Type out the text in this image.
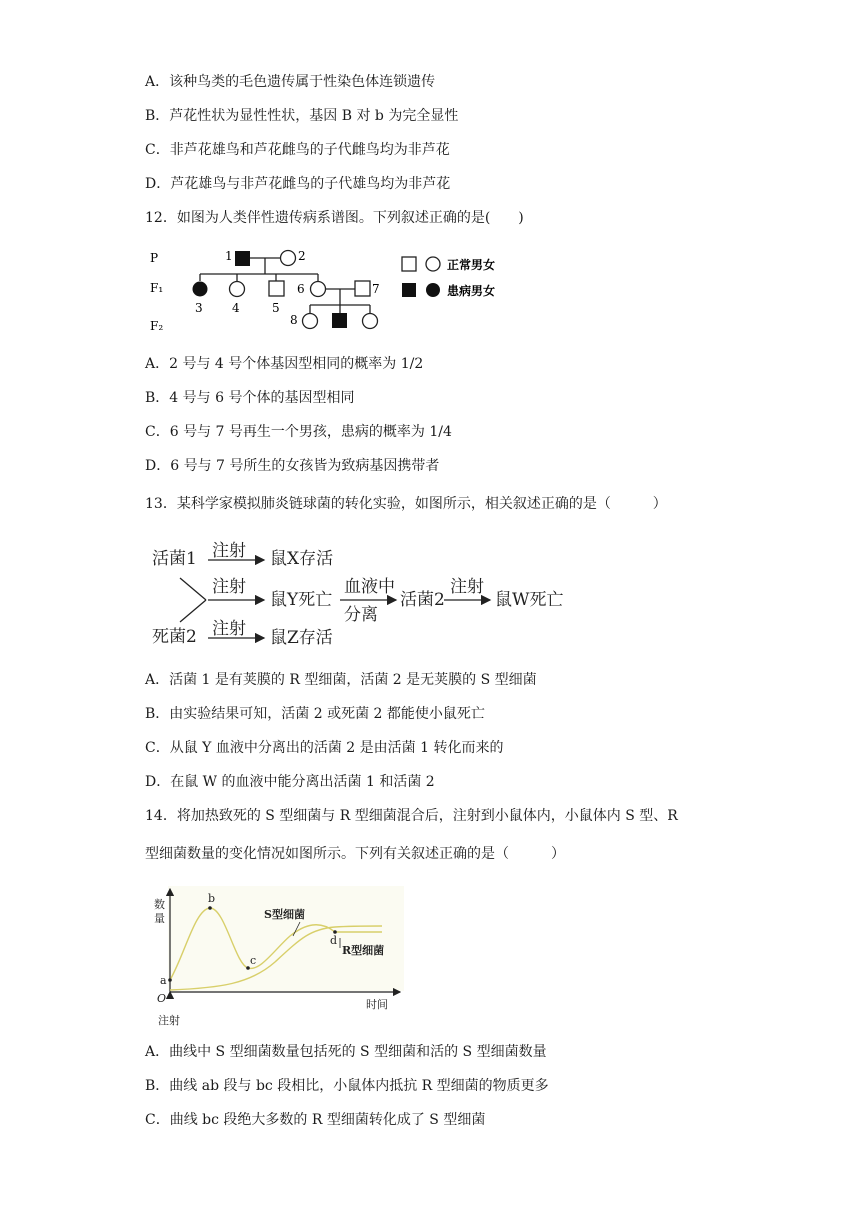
A．该种鸟类的毛色遗传属于性染色体连锁遗传
B．芦花性状为显性性状，基因 B 对 b 为完全显性
C．非芦花雄鸟和芦花雌鸟的子代雌鸟均为非芦花
D．芦花雄鸟与非芦花雌鸟的子代雄鸟均为非芦花
12．如图为人类伴性遗传病系谱图。下列叙述正确的是(　　)
P
F₁
F₂
1	2
3 4	5
6	7
8
正常男女
患病男女
A．2 号与 4 号个体基因型相同的概率为 1/2
B．4 号与 6 号个体的基因型相同
C．6 号与 7 号再生一个男孩，患病的概率为 1/4
D．6 号与 7 号所生的女孩皆为致病基因携带者
13．某科学家模拟肺炎链球菌的转化实验，如图所示，相关叙述正确的是（　　　）
活菌1
死菌2
注射
注射
注射
鼠X存活
鼠Y死亡
鼠Z存活
血液中
分离
活菌2
注射
鼠W死亡
A．活菌 1 是有荚膜的 R 型细菌，活菌 2 是无荚膜的 S 型细菌
B．由实验结果可知，活菌 2 或死菌 2 都能使小鼠死亡
C．从鼠 Y 血液中分离出的活菌 2 是由活菌 1 转化而来的
D．在鼠 W 的血液中能分离出活菌 1 和活菌 2
14．将加热致死的 S 型细菌与 R 型细菌混合后，注射到小鼠体内，小鼠体内 S 型、R
型细菌数量的变化情况如图所示。下列有关叙述正确的是（　　　）
数
量
时间
O
注射
a
b
c
d
S型细菌
R型细菌
A．曲线中 S 型细菌数量包括死的 S 型细菌和活的 S 型细菌数量
B．曲线 ab 段与 bc 段相比，小鼠体内抵抗 R 型细菌的物质更多
C．曲线 bc 段绝大多数的 R 型细菌转化成了 S 型细菌
